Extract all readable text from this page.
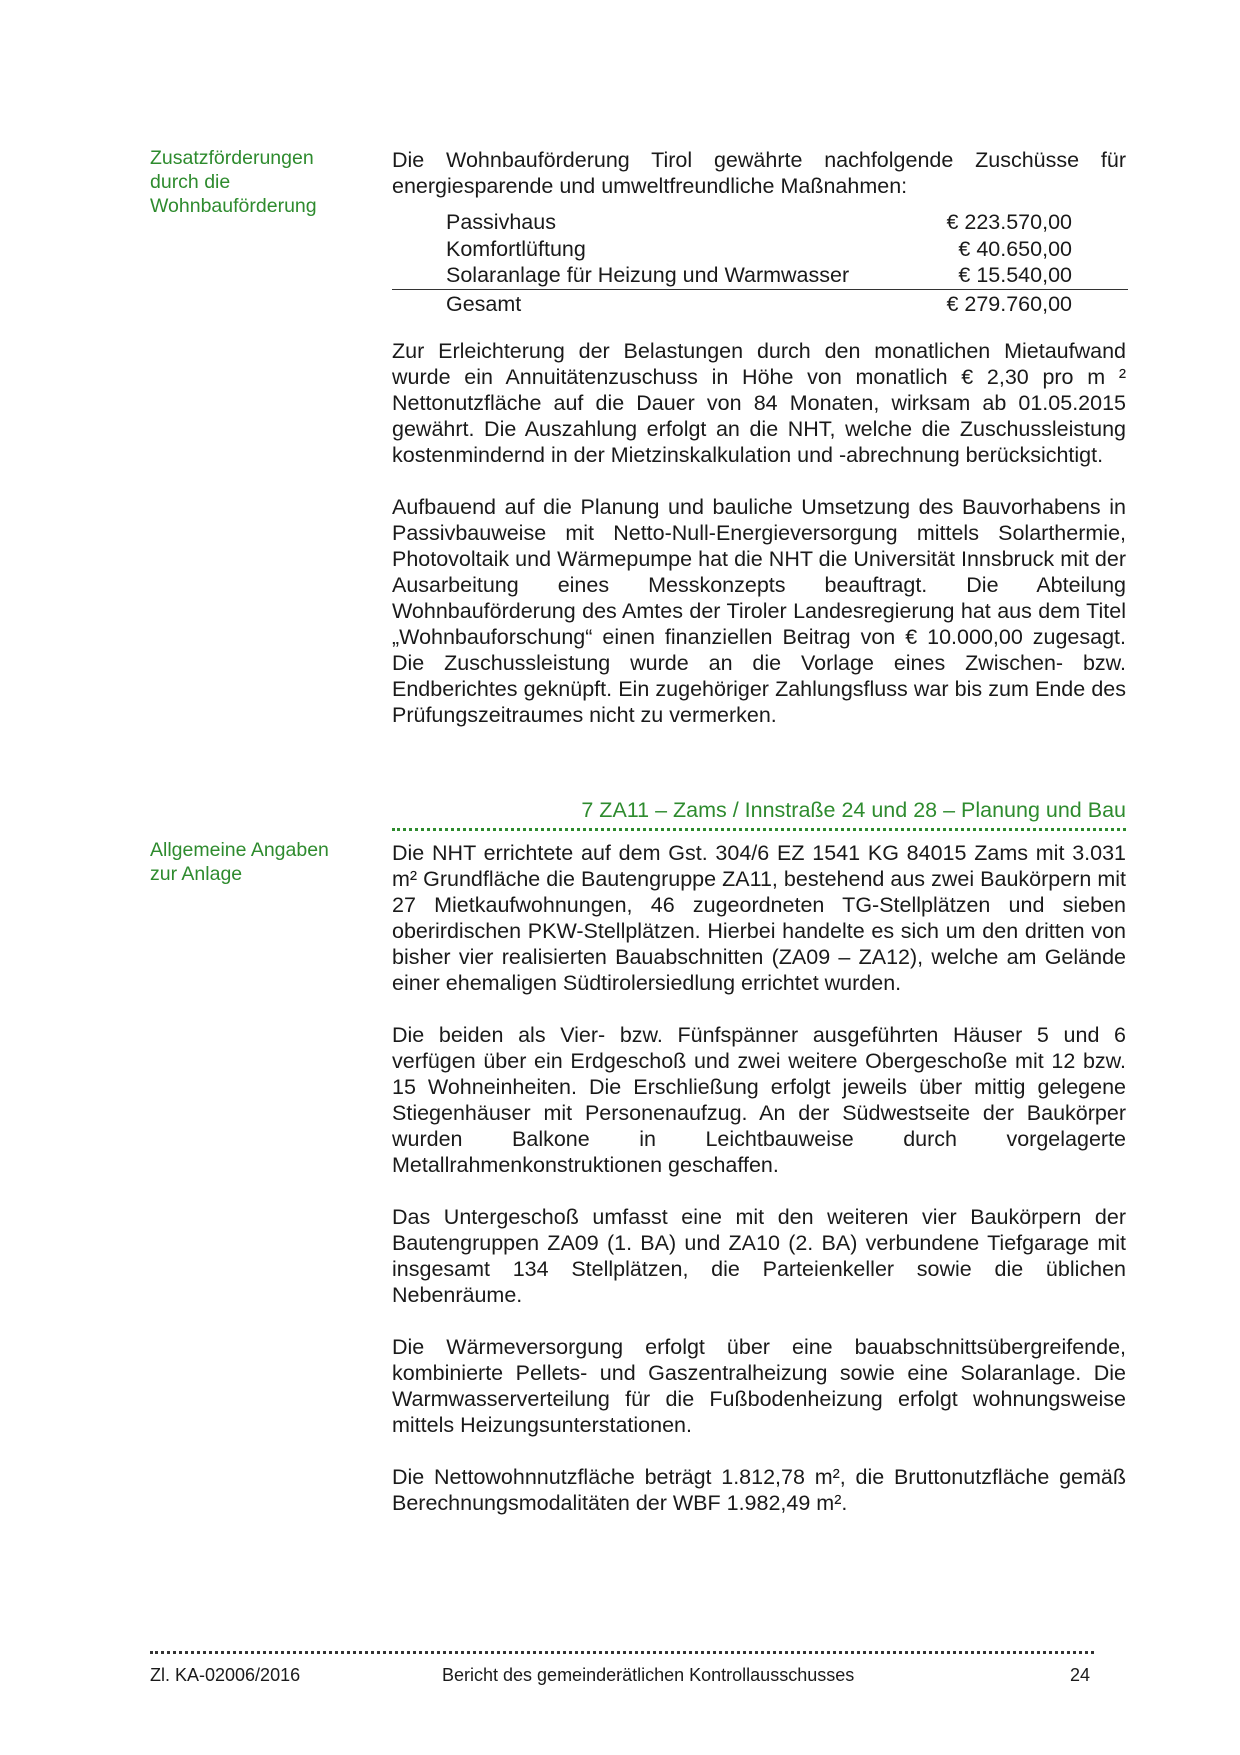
Zusatzförderungen
durch die
Wohnbauförderung

Die Wohnbauförderung Tirol gewährte nachfolgende Zuschüsse für energiesparende und umweltfreundliche Maßnahmen:

Passivhaus	€ 223.570,00
Komfortlüftung	€ 40.650,00
Solaranlage für Heizung und Warmwasser	€ 15.540,00
Gesamt	€ 279.760,00

Zur Erleichterung der Belastungen durch den monatlichen Mietaufwand wurde ein Annuitätenzuschuss in Höhe von monatlich € 2,30 pro m ² Nettonutzfläche auf die Dauer von 84 Monaten, wirksam ab 01.05.2015 gewährt. Die Auszahlung erfolgt an die NHT, welche die Zuschussleistung kostenmindernd in der Mietzinskalkulation und -abrechnung berücksichtigt.

Aufbauend auf die Planung und bauliche Umsetzung des Bauvorhabens in Passivbauweise mit Netto-Null-Energieversorgung mittels Solarthermie, Photovoltaik und Wärmepumpe hat die NHT die Universität Innsbruck mit der Ausarbeitung eines Messkonzepts beauftragt. Die Abteilung Wohnbauförderung des Amtes der Tiroler Landesregierung hat aus dem Titel „Wohnbauforschung“ einen finanziellen Beitrag von € 10.000,00 zugesagt. Die Zuschussleistung wurde an die Vorlage eines Zwischen- bzw. Endberichtes geknüpft. Ein zugehöriger Zahlungsfluss war bis zum Ende des Prüfungszeitraumes nicht zu vermerken.

7 ZA11 – Zams / Innstraße 24 und 28 – Planung und Bau
Allgemeine Angaben
zur Anlage

Die NHT errichtete auf dem Gst. 304/6 EZ 1541 KG 84015 Zams mit 3.031 m² Grundfläche die Bautengruppe ZA11, bestehend aus zwei Baukörpern mit 27 Mietkaufwohnungen, 46 zugeordneten TG-Stellplätzen und sieben oberirdischen PKW-Stellplätzen. Hierbei handelte es sich um den dritten von bisher vier realisierten Bauabschnitten (ZA09 – ZA12), welche am Gelände einer ehemaligen Südtirolersiedlung errichtet wurden.

Die beiden als Vier- bzw. Fünfspänner ausgeführten Häuser 5 und 6 verfügen über ein Erdgeschoß und zwei weitere Obergeschoße mit 12 bzw. 15 Wohneinheiten. Die Erschließung erfolgt jeweils über mittig gelegene Stiegenhäuser mit Personenaufzug. An der Südwestseite der Baukörper wurden Balkone in Leichtbauweise durch vorgelagerte Metallrahmenkonstruktionen geschaffen.

Das Untergeschoß umfasst eine mit den weiteren vier Baukörpern der Bautengruppen ZA09 (1. BA) und ZA10 (2. BA) verbundene Tiefgarage mit insgesamt 134 Stellplätzen, die Parteienkeller sowie die üblichen Nebenräume.

Die Wärmeversorgung erfolgt über eine bauabschnittsübergreifende, kombinierte Pellets- und Gaszentralheizung sowie eine Solaranlage. Die Warmwasserverteilung für die Fußbodenheizung erfolgt wohnungsweise mittels Heizungsunterstationen.

Die Nettowohnnutzfläche beträgt 1.812,78 m², die Bruttonutzfläche gemäß Berechnungsmodalitäten der WBF 1.982,49 m².

Zl. KA-02006/2016	Bericht des gemeinderätlichen Kontrollausschusses	24
